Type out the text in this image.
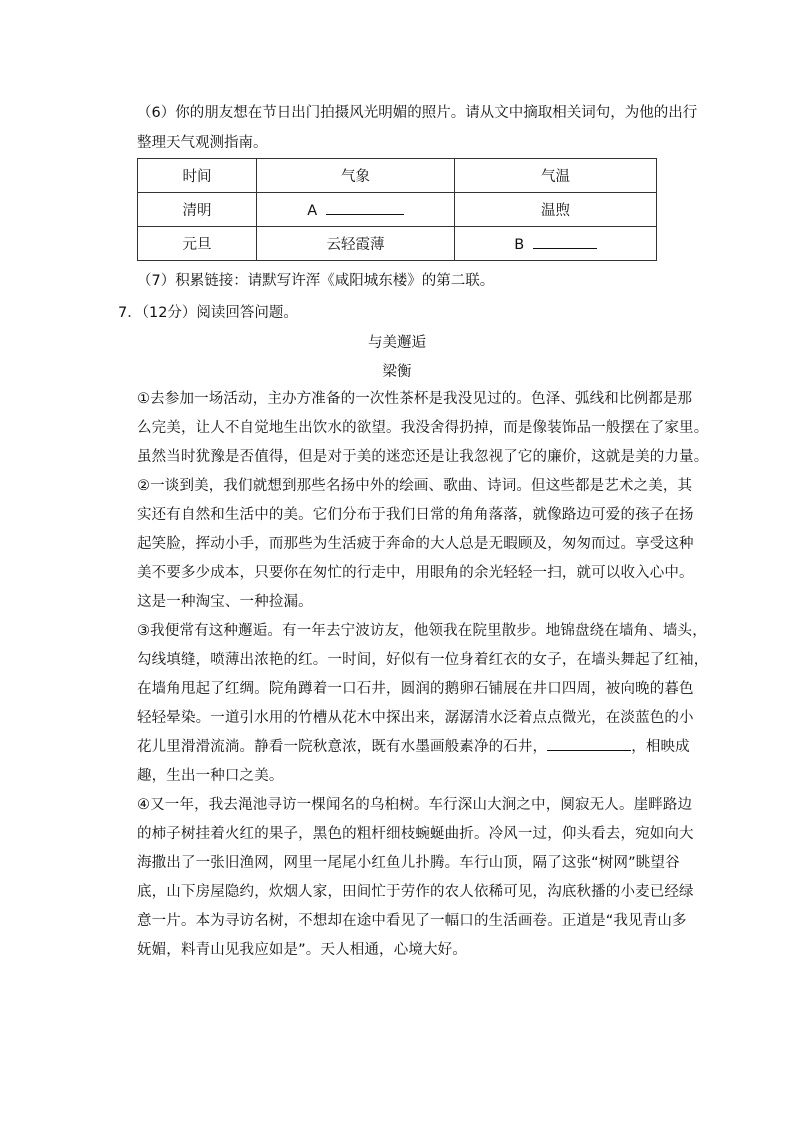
（6）你的朋友想在节日出门拍摄风光明媚的照片。请从文中摘取相关词句，为他的出行
整理天气观测指南。
时间	气象	气温
清明	A	温煦
元旦	云轻霞薄	B
（7）积累链接：请默写许浑《咸阳城东楼》的第二联。
7．（12分）阅读回答问题。
与美邂逅
梁衡

①去参加一场活动，主办方准备的一次性茶杯是我没见过的。色泽、弧线和比例都是那

么完美，让人不自觉地生出饮水的欲望。我没舍得扔掉，而是像装饰品一般摆在了家里。

虽然当时犹豫是否值得，但是对于美的迷恋还是让我忽视了它的廉价，这就是美的力量。

②一谈到美，我们就想到那些名扬中外的绘画、歌曲、诗词。但这些都是艺术之美，其

实还有自然和生活中的美。它们分布于我们日常的角角落落，就像路边可爱的孩子在扬

起笑脸，挥动小手，而那些为生活疲于奔命的大人总是无暇顾及，匆匆而过。享受这种

美不要多少成本，只要你在匆忙的行走中，用眼角的余光轻轻一扫，就可以收入心中。

这是一种淘宝、一种捡漏。

③我便常有这种邂逅。有一年去宁波访友，他领我在院里散步。地锦盘绕在墙角、墙头，

勾线填缝，喷薄出浓艳的红。一时间，好似有一位身着红衣的女子，在墙头舞起了红袖，

在墙角甩起了红绸。院角蹲着一口石井，圆润的鹅卵石铺展在井口四周，被向晚的暮色

轻轻晕染。一道引水用的竹槽从花木中探出来，潺潺清水泛着点点微光，在淡蓝色的小

花儿里滑滑流淌。静看一院秋意浓，既有水墨画般素净的石井，	，相映成

趣，生出一种口之美。

④又一年，我去渑池寻访一棵闻名的乌桕树。车行深山大涧之中，阒寂无人。崖畔路边

的柿子树挂着火红的果子，黑色的粗杆细枝蜿蜒曲折。冷风一过，仰头看去，宛如向大

海撒出了一张旧渔网，网里一尾尾小红鱼儿扑腾。车行山顶，隔了这张“树网”眺望谷

底，山下房屋隐约，炊烟人家，田间忙于劳作的农人依稀可见，沟底秋播的小麦已经绿

意一片。本为寻访名树，不想却在途中看见了一幅口的生活画卷。正道是“我见青山多

妩媚，料青山见我应如是”。天人相通，心境大好。
